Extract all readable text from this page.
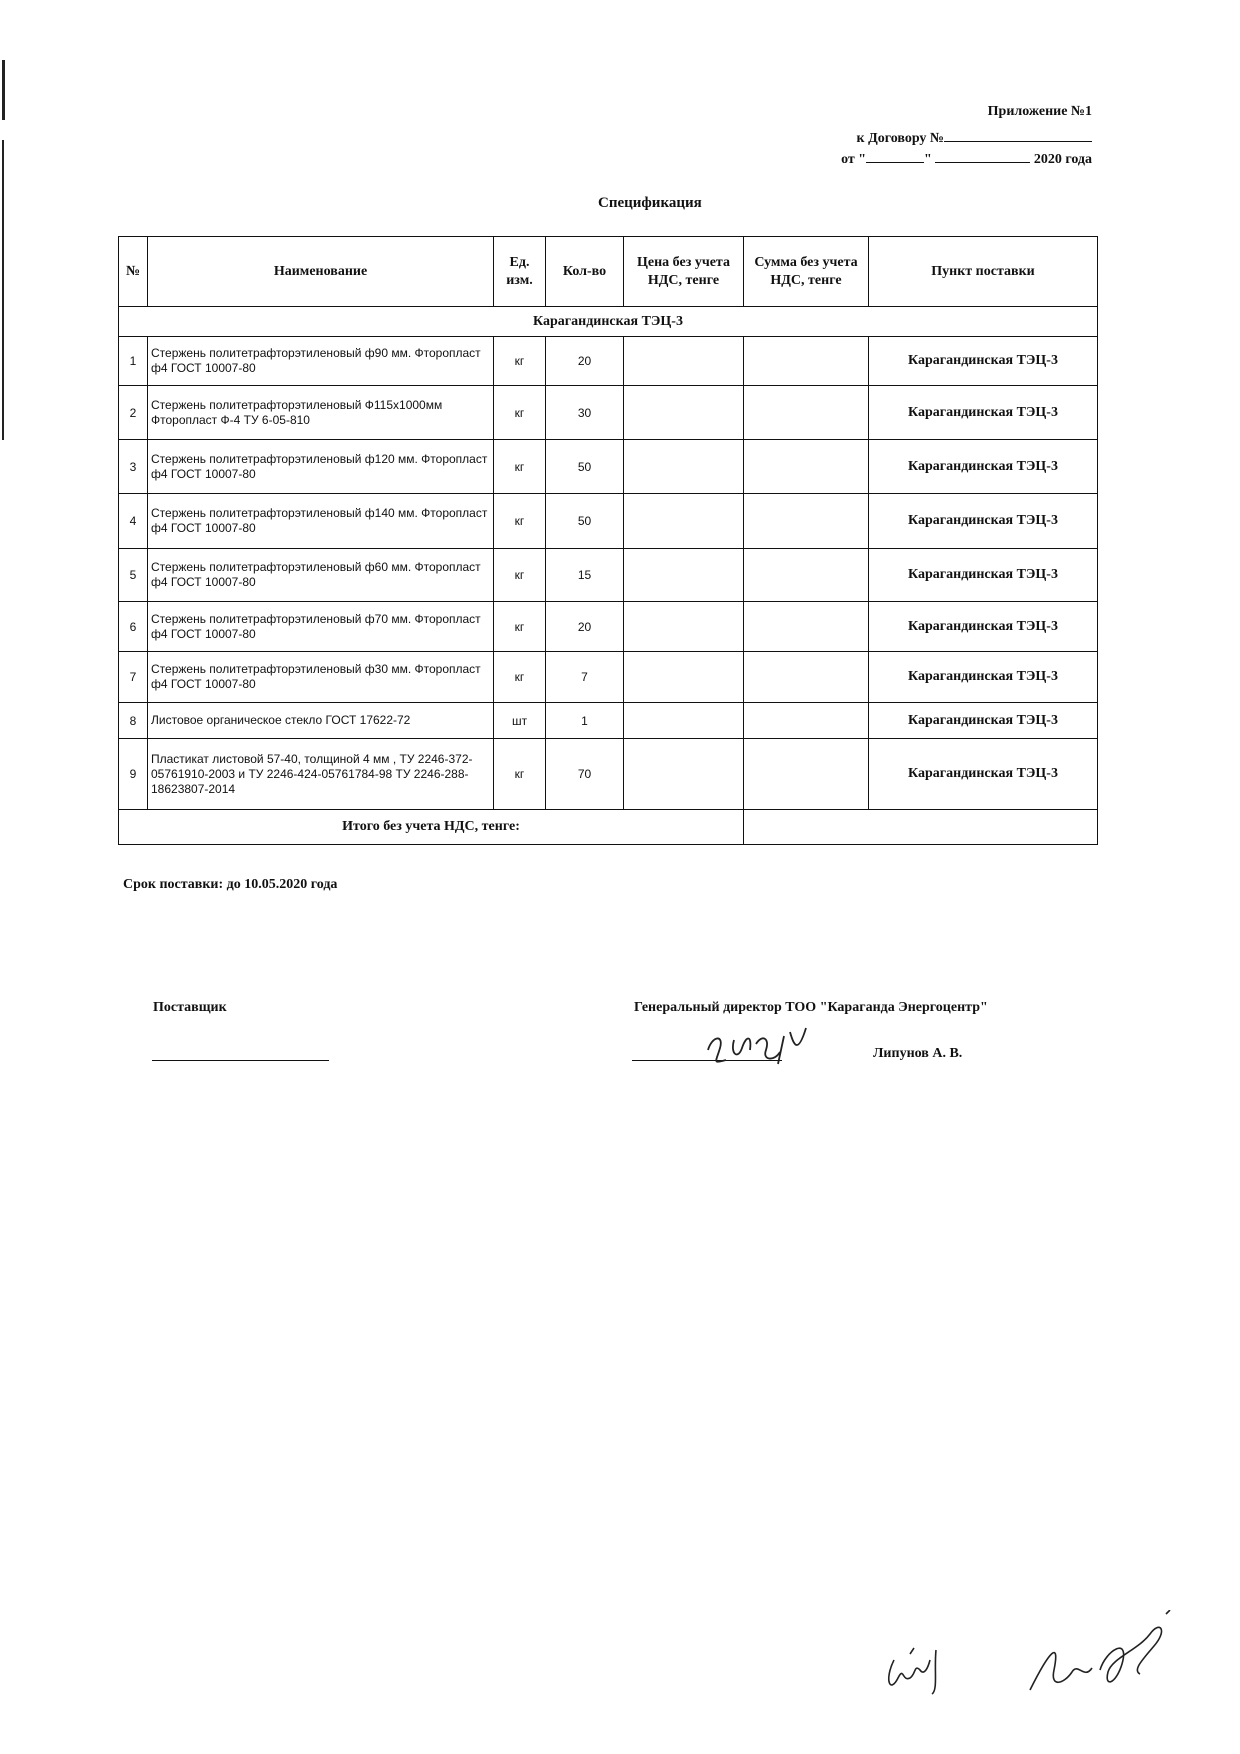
Приложение №1
к Договору №
от "	"	2020 года
Спецификация
№	Наименование	Ед. изм.	Кол-во	Цена без учета НДС, тенге	Сумма без учета НДС, тенге	Пункт поставки
Карагандинская ТЭЦ-3						
1	Стержень политетрафторэтиленовый ф90 мм. Фторопласт ф4 ГОСТ 10007-80	кг	20			Карагандинская ТЭЦ-3
2	Стержень политетрафторэтиленовый Ф115х1000мм Фторопласт Ф-4 ТУ 6-05-810	кг	30			Карагандинская ТЭЦ-3
3	Стержень политетрафторэтиленовый ф120 мм. Фторопласт ф4 ГОСТ 10007-80	кг	50			Карагандинская ТЭЦ-3
4	Стержень политетрафторэтиленовый ф140 мм. Фторопласт ф4 ГОСТ 10007-80	кг	50			Карагандинская ТЭЦ-3
5	Стержень политетрафторэтиленовый ф60 мм. Фторопласт ф4 ГОСТ 10007-80	кг	15			Карагандинская ТЭЦ-3
6	Стержень политетрафторэтиленовый ф70 мм. Фторопласт ф4 ГОСТ 10007-80	кг	20			Карагандинская ТЭЦ-3
7	Стержень политетрафторэтиленовый ф30 мм. Фторопласт ф4 ГОСТ 10007-80	кг	7			Карагандинская ТЭЦ-3
8	Листовое органическое стекло ГОСТ 17622-72	шт	1			Карагандинская ТЭЦ-3
9	Пластикат листовой 57-40, толщиной 4 мм , ТУ 2246-372-05761910-2003 и ТУ 2246-424-05761784-98 ТУ 2246-288-18623807-2014	кг	70			Карагандинская ТЭЦ-3
Итого без учета НДС, тенге:						
Срок поставки: до 10.05.2020 года
Поставщик	Генеральный директор ТОО "Караганда Энергоцентр"
Липунов А. В.
